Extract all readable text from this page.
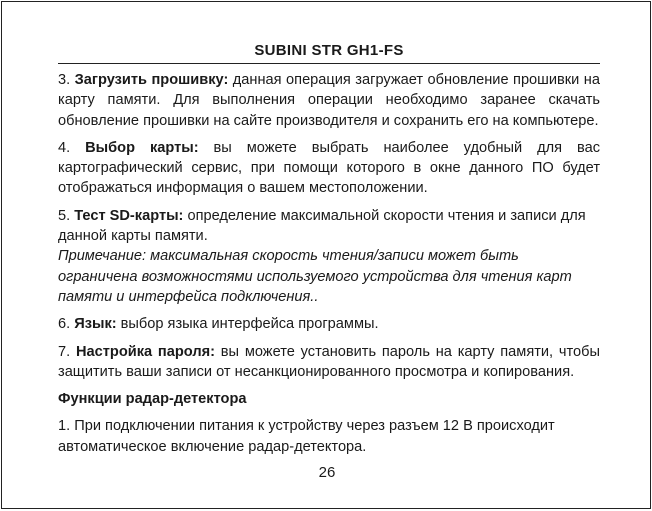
SUBINI STR GH1-FS

3. Загрузить прошивку: данная операция загружает обновление прошивки на карту памяти. Для выполнения операции необходимо заранее скачать обновление прошивки на сайте производителя и сохранить его на компьютере.

4. Выбор карты: вы можете выбрать наиболее удобный для вас картографический сервис, при помощи которого в окне данного ПО будет отображаться информация о вашем местоположении.

5. Тест SD-карты: определение максимальной скорости чтения и записи для данной карты памяти.

Примечание: максимальная скорость чтения/записи может быть ограничена возможностями используемого устройства для чтения карт памяти и интерфейса подключения..

6. Язык: выбор языка интерфейса программы.

7. Настройка пароля: вы можете установить пароль на карту памяти, чтобы защитить ваши записи от несанкционированного просмотра и копирования.

Функции радар-детектора

1. При подключении питания к устройству через разъем 12 В происходит автоматическое включение радар-детектора.

26
